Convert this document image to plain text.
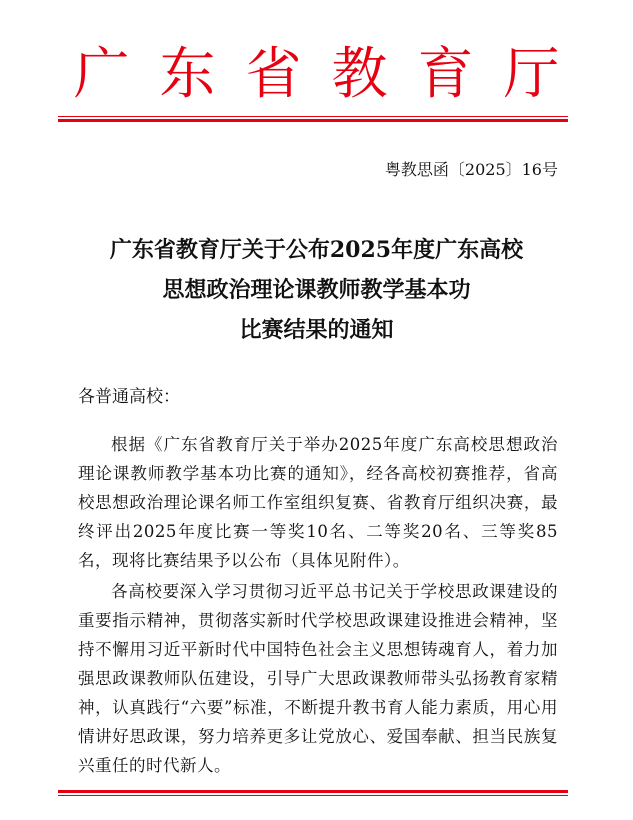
广东省教育厅
粤教思函〔2025〕16号
广东省教育厅关于公布2025年度广东高校
思想政治理论课教师教学基本功
比赛结果的通知
各普通高校：

根据《广东省教育厅关于举办2025年度广东高校思想政治理论课教师教学基本功比赛的通知》，经各高校初赛推荐，省高校思想政治理论课名师工作室组织复赛、省教育厅组织决赛，最终评出2025年度比赛一等奖10名、二等奖20名、三等奖85名，现将比赛结果予以公布（具体见附件）。

各高校要深入学习贯彻习近平总书记关于学校思政课建设的重要指示精神，贯彻落实新时代学校思政课建设推进会精神，坚持不懈用习近平新时代中国特色社会主义思想铸魂育人，着力加强思政课教师队伍建设，引导广大思政课教师带头弘扬教育家精神，认真践行“六要”标准，不断提升教书育人能力素质，用心用情讲好思政课，努力培养更多让党放心、爱国奉献、担当民族复兴重任的时代新人。
